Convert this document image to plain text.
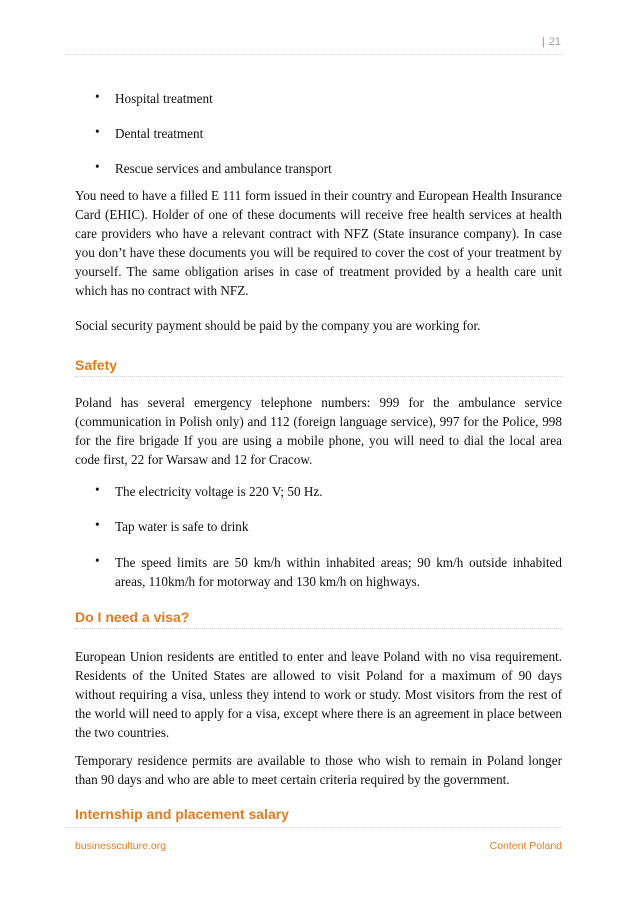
| 21
• Hospital treatment
• Dental treatment
• Rescue services and ambulance transport

You need to have a filled E 111 form issued in their country and European Health Insurance Card (EHIC). Holder of one of these documents will receive free health services at health care providers who have a relevant contract with NFZ (State insurance company). In case you don’t have these documents you will be required to cover the cost of your treatment by yourself. The same obligation arises in case of treatment provided by a health care unit which has no contract with NFZ.

Social security payment should be paid by the company you are working for.

Safety

Poland has several emergency telephone numbers: 999 for the ambulance service (communication in Polish only) and 112 (foreign language service), 997 for the Police, 998 for the fire brigade If you are using a mobile phone, you will need to dial the local area code first, 22 for Warsaw and 12 for Cracow.

• The electricity voltage is 220 V; 50 Hz.
• Tap water is safe to drink
• The speed limits are 50 km/h within inhabited areas; 90 km/h outside inhabited areas, 110km/h for motorway and 130 km/h on highways.
Do I need a visa?

European Union residents are entitled to enter and leave Poland with no visa requirement. Residents of the United States are allowed to visit Poland for a maximum of 90 days without requiring a visa, unless they intend to work or study. Most visitors from the rest of the world will need to apply for a visa, except where there is an agreement in place between the two countries.

Temporary residence permits are available to those who wish to remain in Poland longer than 90 days and who are able to meet certain criteria required by the government.

Internship and placement salary
businessculture.org	Content Poland
